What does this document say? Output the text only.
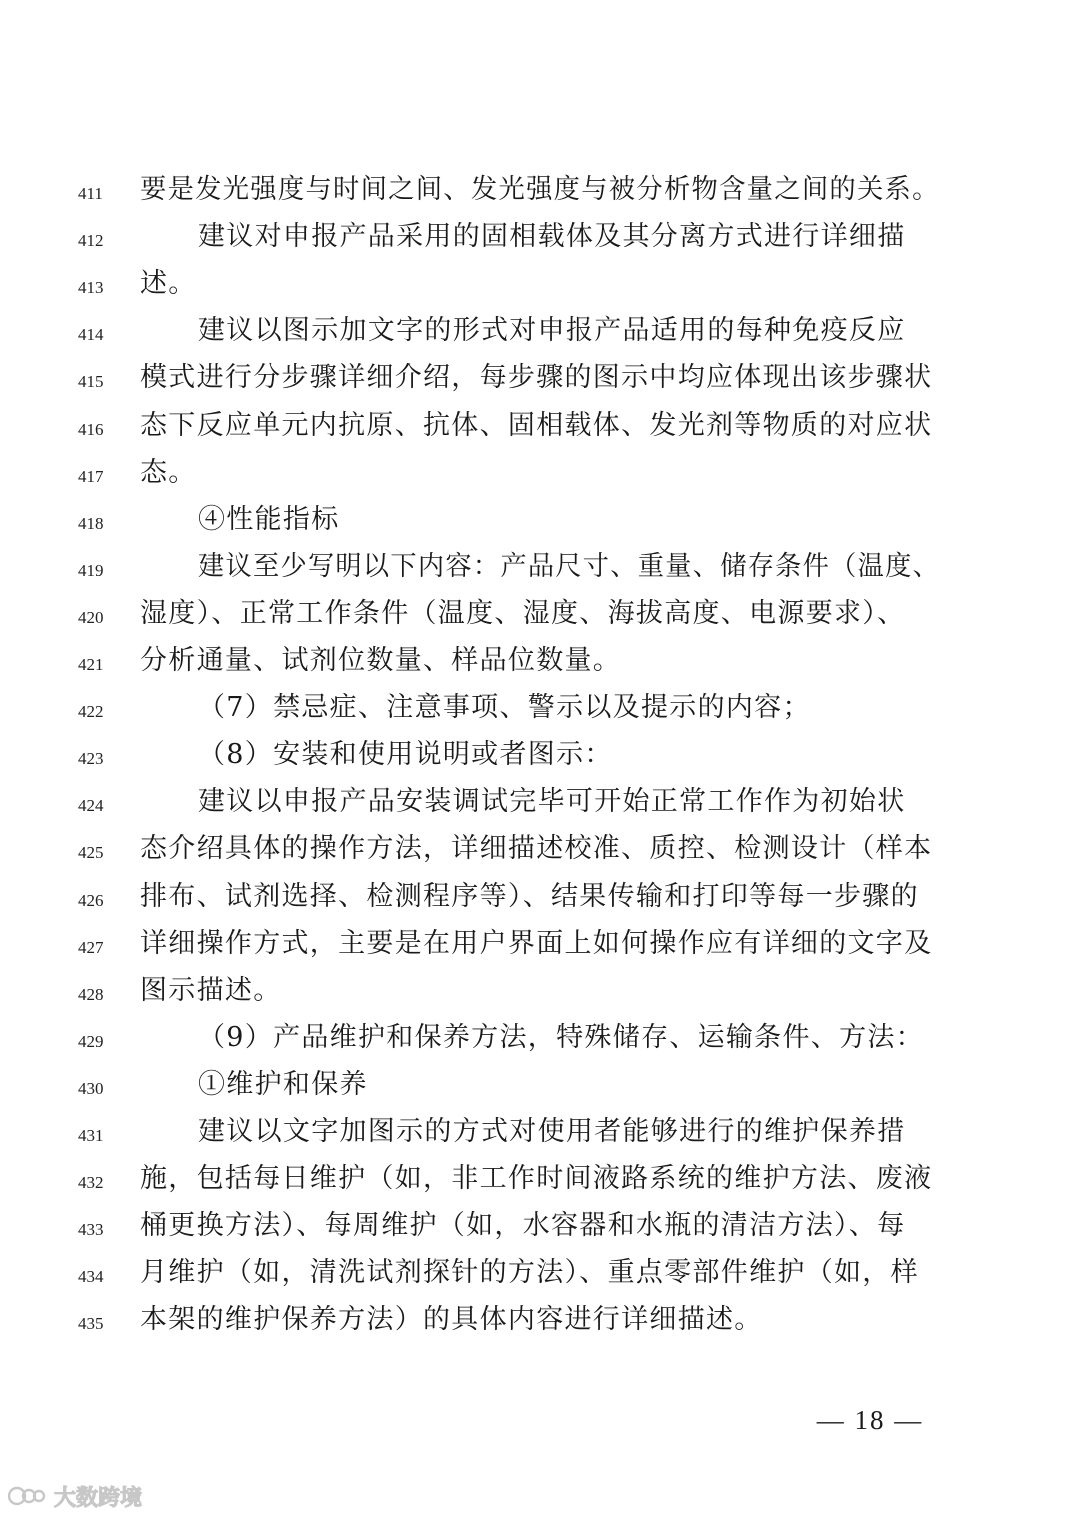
411	要是发光强度与时间之间、发光强度与被分析物含量之间的关系。
412	建议对申报产品采用的固相载体及其分离方式进行详细描
413	述。
414	建议以图示加文字的形式对申报产品适用的每种免疫反应
415	模式进行分步骤详细介绍，每步骤的图示中均应体现出该步骤状
416	态下反应单元内抗原、抗体、固相载体、发光剂等物质的对应状
417	态。
418	④性能指标
419	建议至少写明以下内容：产品尺寸、重量、储存条件（温度、
420	湿度）、正常工作条件（温度、湿度、海拔高度、电源要求）、
421	分析通量、试剂位数量、样品位数量。
422	（7）禁忌症、注意事项、警示以及提示的内容；
423	（8）安装和使用说明或者图示：
424	建议以申报产品安装调试完毕可开始正常工作作为初始状
425	态介绍具体的操作方法，详细描述校准、质控、检测设计（样本
426	排布、试剂选择、检测程序等）、结果传输和打印等每一步骤的
427	详细操作方式，主要是在用户界面上如何操作应有详细的文字及
428	图示描述。
429	（9）产品维护和保养方法，特殊储存、运输条件、方法：
430	①维护和保养
431	建议以文字加图示的方式对使用者能够进行的维护保养措
432	施，包括每日维护（如，非工作时间液路系统的维护方法、废液
433	桶更换方法）、每周维护（如，水容器和水瓶的清洁方法）、每
434	月维护（如，清洗试剂探针的方法）、重点零部件维护（如，样
435	本架的维护保养方法）的具体内容进行详细描述。
— 18 —
大数跨境
